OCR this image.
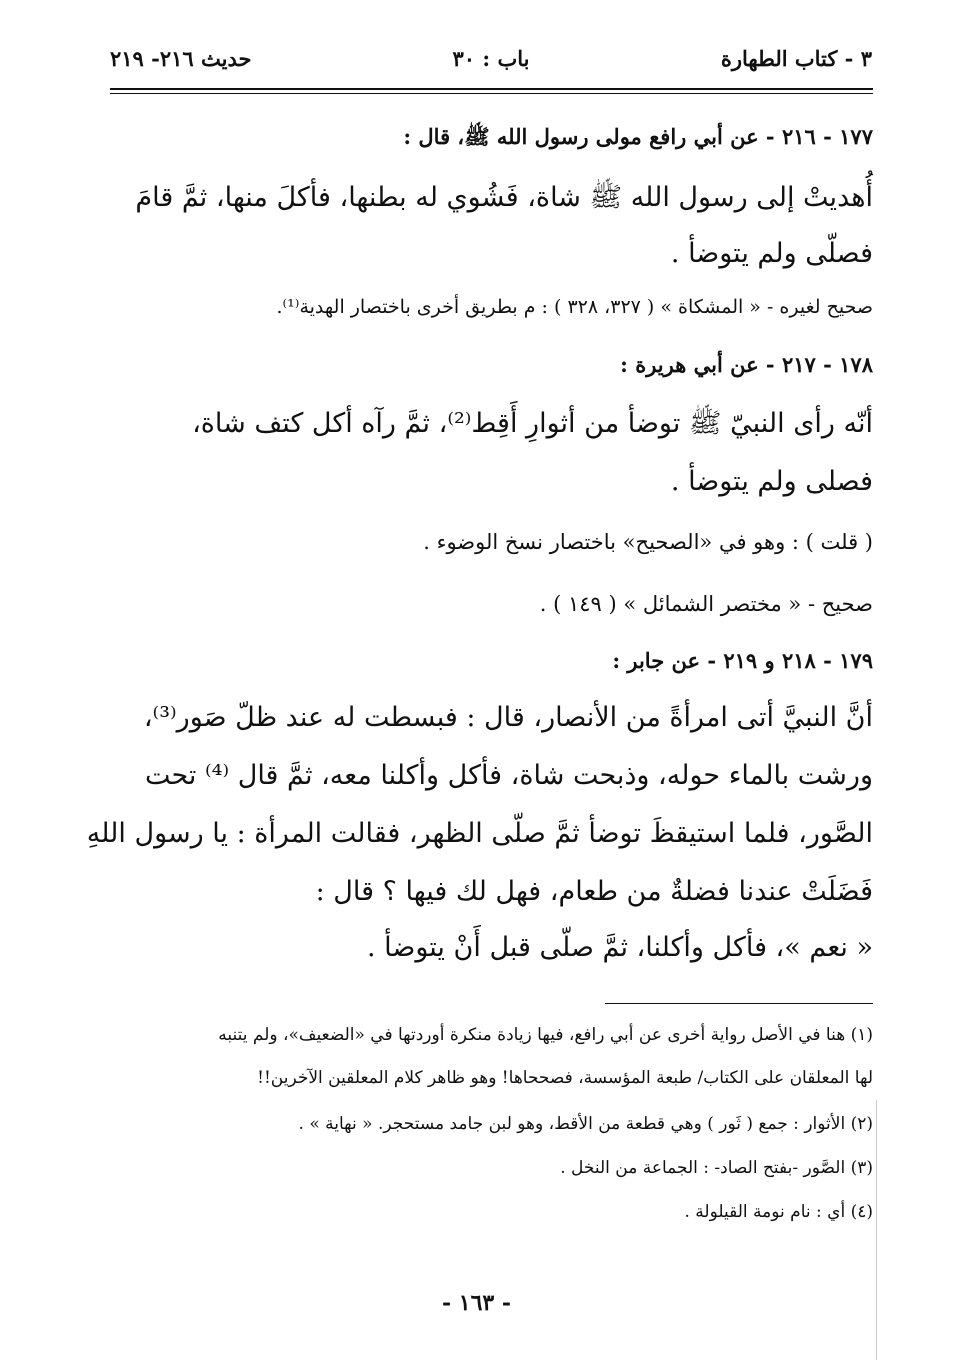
٣ - كتاب الطهارة
باب : ٣٠
حديث ٢١٦- ٢١٩
١٧٧ - ٢١٦ - عن أبي رافع مولى رسول الله ﷺ، قال :
أُهديتْ إلى رسول الله ﷺ شاة، فَشُوي له بطنها، فأكلَ منها، ثمَّ قامَ
فصلّى ولم يتوضأ .
صحيح لغيره - « المشكاة » ( ٣٢٧، ٣٢٨ ) : م بطريق أخرى باختصار الهدية⁽¹⁾.
١٧٨ - ٢١٧ - عن أبي هريرة :
أنّه رأى النبيّ ﷺ توضأ من أثوارِ أَقِط⁽²⁾، ثمَّ رآه أكل كتف شاة،
فصلى ولم يتوضأ .
( قلت ) : وهو في «الصحيح» باختصار نسخ الوضوء .
صحيح - « مختصر الشمائل » ( ١٤٩ ) .
١٧٩ - ٢١٨ و ٢١٩ - عن جابر :
أنَّ النبيَّ أتى امرأةً من الأنصار، قال : فبسطت له عند ظلّ صَور⁽³⁾،
ورشت بالماء حوله، وذبحت شاة، فأكل وأكلنا معه، ثمَّ قال ⁽⁴⁾ تحت
الصَّور، فلما استيقظَ توضأ ثمَّ صلّى الظهر، فقالت المرأة : يا رسول اللهِ
فَضَلَتْ عندنا فضلةٌ من طعام، فهل لك فيها ؟ قال :
« نعم »، فأكل وأكلنا، ثمَّ صلّى قبل أَنْ يتوضأ .
(١) هنا في الأصل رواية أخرى عن أبي رافع، فيها زيادة منكرة أوردتها في «الضعيف»، ولم يتنبه
لها المعلقان على الكتاب/ طبعة المؤسسة، فصححاها! وهو ظاهر كلام المعلقين الآخرين!!
(٢) الأثوار : جمع ( ثَور ) وهي قطعة من الأقط، وهو لبن جامد مستحجر. « نهاية » .
(٣) الصَّور -بفتح الصاد- : الجماعة من النخل .
(٤) أي : نام نومة القيلولة .
- ١٦٣ -
